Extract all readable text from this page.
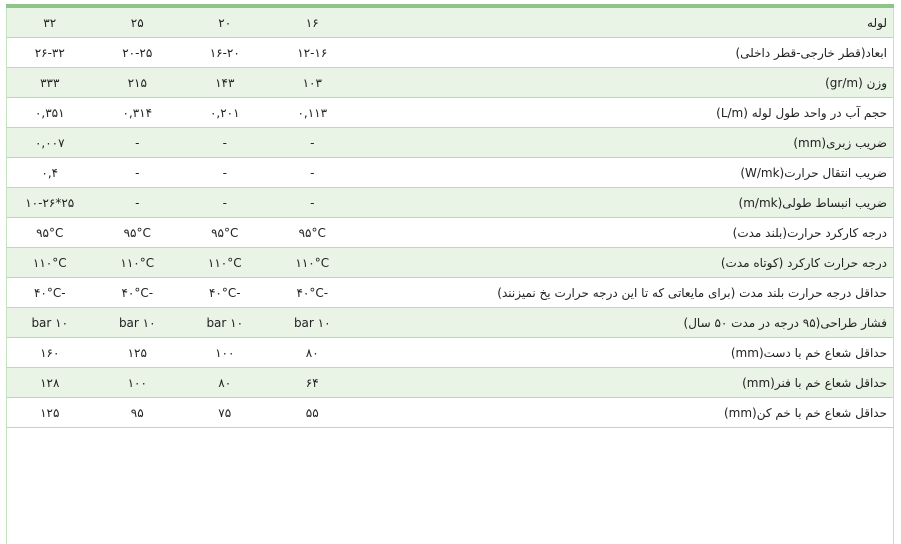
لوله	۱۶	۲۰	۲۵	۳۲
ابعاد(قطر خارجی-قطر داخلی)	۱۲-۱۶	۱۶-۲۰	۲۰-۲۵	۲۶-۳۲
وزن (gr/m)	۱۰۳	۱۴۳	۲۱۵	۳۳۳
حجم آب در واحد طول لوله (L/m)	۰,۱۱۳	۰,۲۰۱	۰,۳۱۴	۰,۳۵۱
ضریب زبری(mm)	-	-	-	۰,۰۰۷
ضریب انتقال حرارت(W/mk)	-	-	-	۰,۴
ضریب انبساط طولی(m/mk)	-	-	-	۲۵*۱۰-۲۶
درجه کارکرد حرارت(بلند مدت)	۹۵°C	۹۵°C	۹۵°C	۹۵°C
درجه حرارت کارکرد (کوتاه مدت)	۱۱۰°C	۱۱۰°C	۱۱۰°C	۱۱۰°C
حداقل درجه حرارت بلند مدت (برای مایعاتی که تا این درجه حرارت یخ نمیزنند)	-۴۰°C	-۴۰°C	-۴۰°C	-۴۰°C
فشار طراحی(۹۵ درجه در مدت ۵۰ سال)	۱۰ bar	۱۰ bar	۱۰ bar	۱۰ bar
حداقل شعاع خم با دست(mm)	۸۰	۱۰۰	۱۲۵	۱۶۰
حداقل شعاع خم با فنر(mm)	۶۴	۸۰	۱۰۰	۱۲۸
حداقل شعاع خم با خم کن(mm)	۵۵	۷۵	۹۵	۱۲۵
